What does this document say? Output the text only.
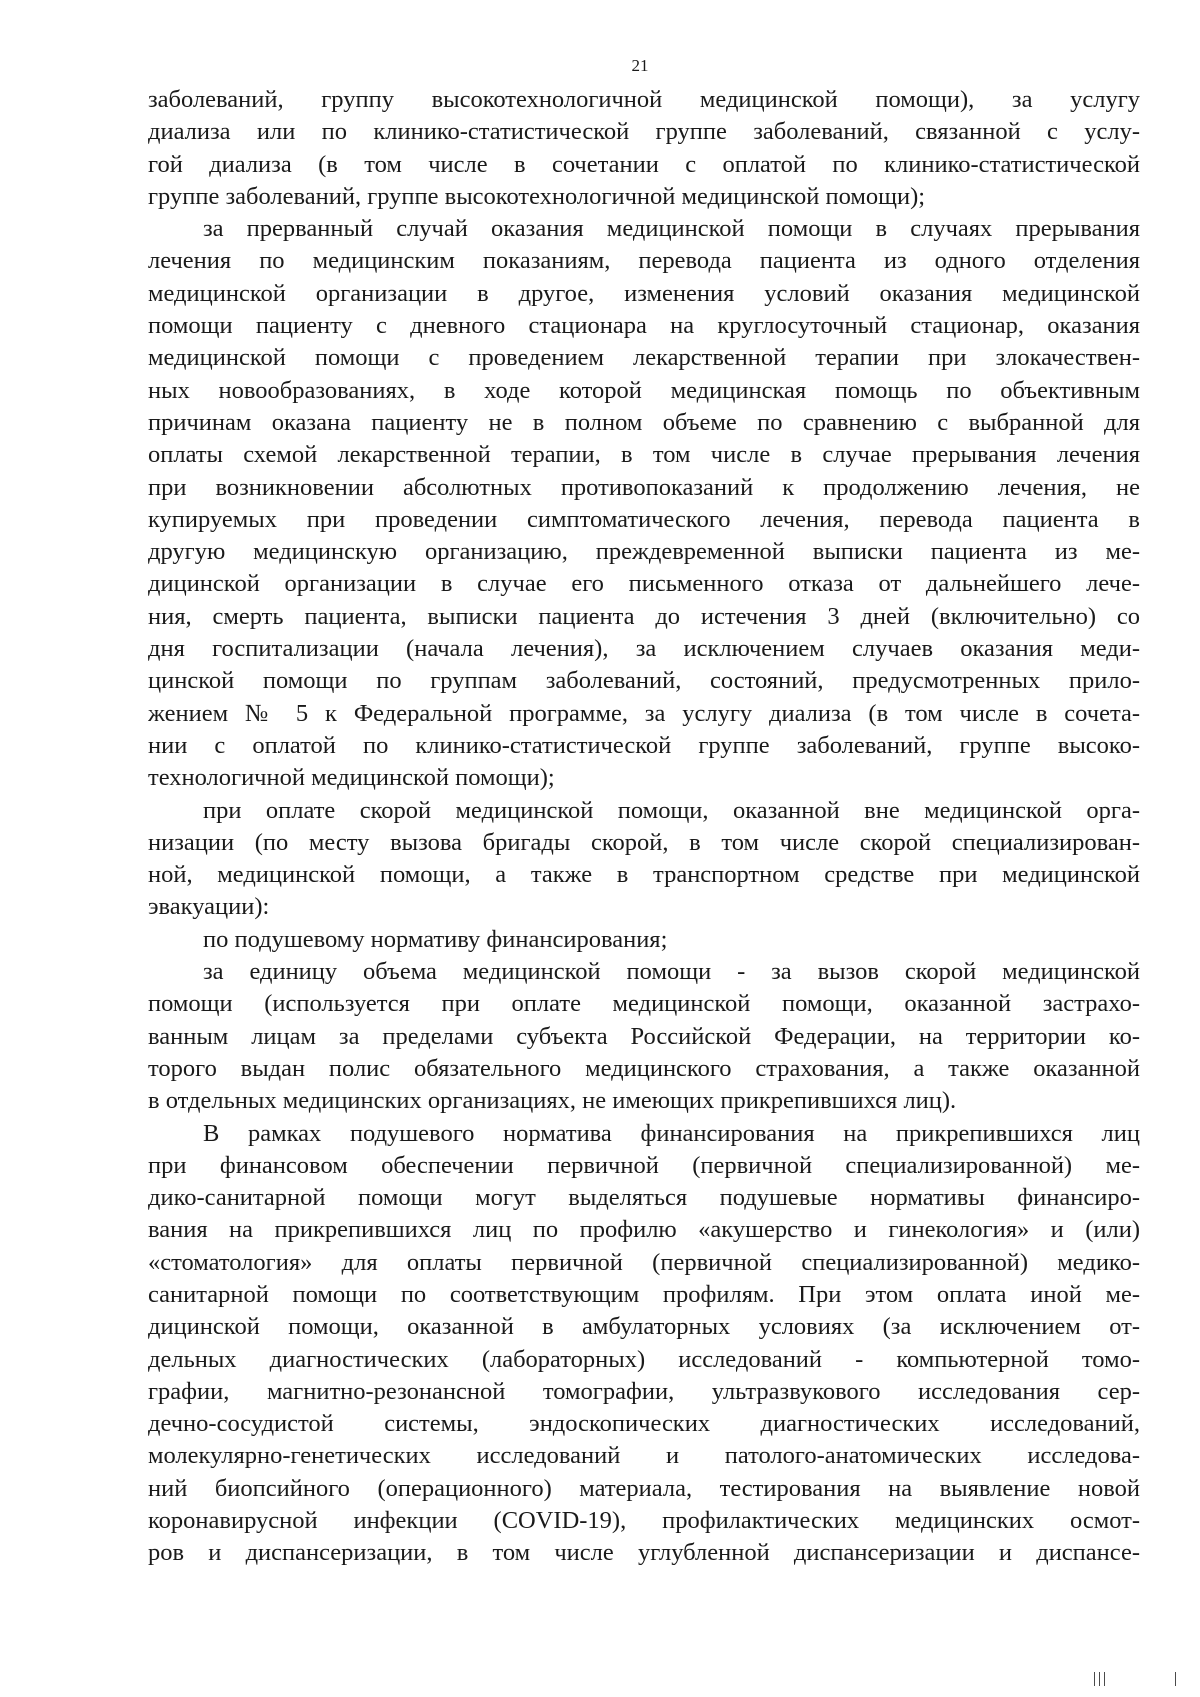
21
заболеваний, группу высокотехнологичной медицинской помощи), за услугу
диализа или по клинико-статистической группе заболеваний, связанной с услу-
гой диализа (в том числе в сочетании с оплатой по клинико-статистической
группе заболеваний, группе высокотехнологичной медицинской помощи);
за прерванный случай оказания медицинской помощи в случаях прерывания
лечения по медицинским показаниям, перевода пациента из одного отделения
медицинской организации в другое, изменения условий оказания медицинской
помощи пациенту с дневного стационара на круглосуточный стационар, оказания
медицинской помощи с проведением лекарственной терапии при злокачествен-
ных новообразованиях, в ходе которой медицинская помощь по объективным
причинам оказана пациенту не в полном объеме по сравнению с выбранной для
оплаты схемой лекарственной терапии, в том числе в случае прерывания лечения
при возникновении абсолютных противопоказаний к продолжению лечения, не
купируемых при проведении симптоматического лечения, перевода пациента в
другую медицинскую организацию, преждевременной выписки пациента из ме-
дицинской организации в случае его письменного отказа от дальнейшего лече-
ния, смерть пациента, выписки пациента до истечения 3 дней (включительно) со
дня госпитализации (начала лечения), за исключением случаев оказания меди-
цинской помощи по группам заболеваний, состояний, предусмотренных прило-
жением № 5 к Федеральной программе, за услугу диализа (в том числе в сочета-
нии с оплатой по клинико-статистической группе заболеваний, группе высоко-
технологичной медицинской помощи);
при оплате скорой медицинской помощи, оказанной вне медицинской орга-
низации (по месту вызова бригады скорой, в том числе скорой специализирован-
ной, медицинской помощи, а также в транспортном средстве при медицинской
эвакуации):
по подушевому нормативу финансирования;
за единицу объема медицинской помощи - за вызов скорой медицинской
помощи (используется при оплате медицинской помощи, оказанной застрахо-
ванным лицам за пределами субъекта Российской Федерации, на территории ко-
торого выдан полис обязательного медицинского страхования, а также оказанной
в отдельных медицинских организациях, не имеющих прикрепившихся лиц).
В рамках подушевого норматива финансирования на прикрепившихся лиц
при финансовом обеспечении первичной (первичной специализированной) ме-
дико-санитарной помощи могут выделяться подушевые нормативы финансиро-
вания на прикрепившихся лиц по профилю «акушерство и гинекология» и (или)
«стоматология» для оплаты первичной (первичной специализированной) медико-
санитарной помощи по соответствующим профилям. При этом оплата иной ме-
дицинской помощи, оказанной в амбулаторных условиях (за исключением от-
дельных диагностических (лабораторных) исследований - компьютерной томо-
графии, магнитно-резонансной томографии, ультразвукового исследования сер-
дечно-сосудистой системы, эндоскопических диагностических исследований,
молекулярно-генетических исследований и патолого-анатомических исследова-
ний биопсийного (операционного) материала, тестирования на выявление новой
коронавирусной инфекции (COVID-19), профилактических медицинских осмот-
ров и диспансеризации, в том числе углубленной диспансеризации и диспансе-
